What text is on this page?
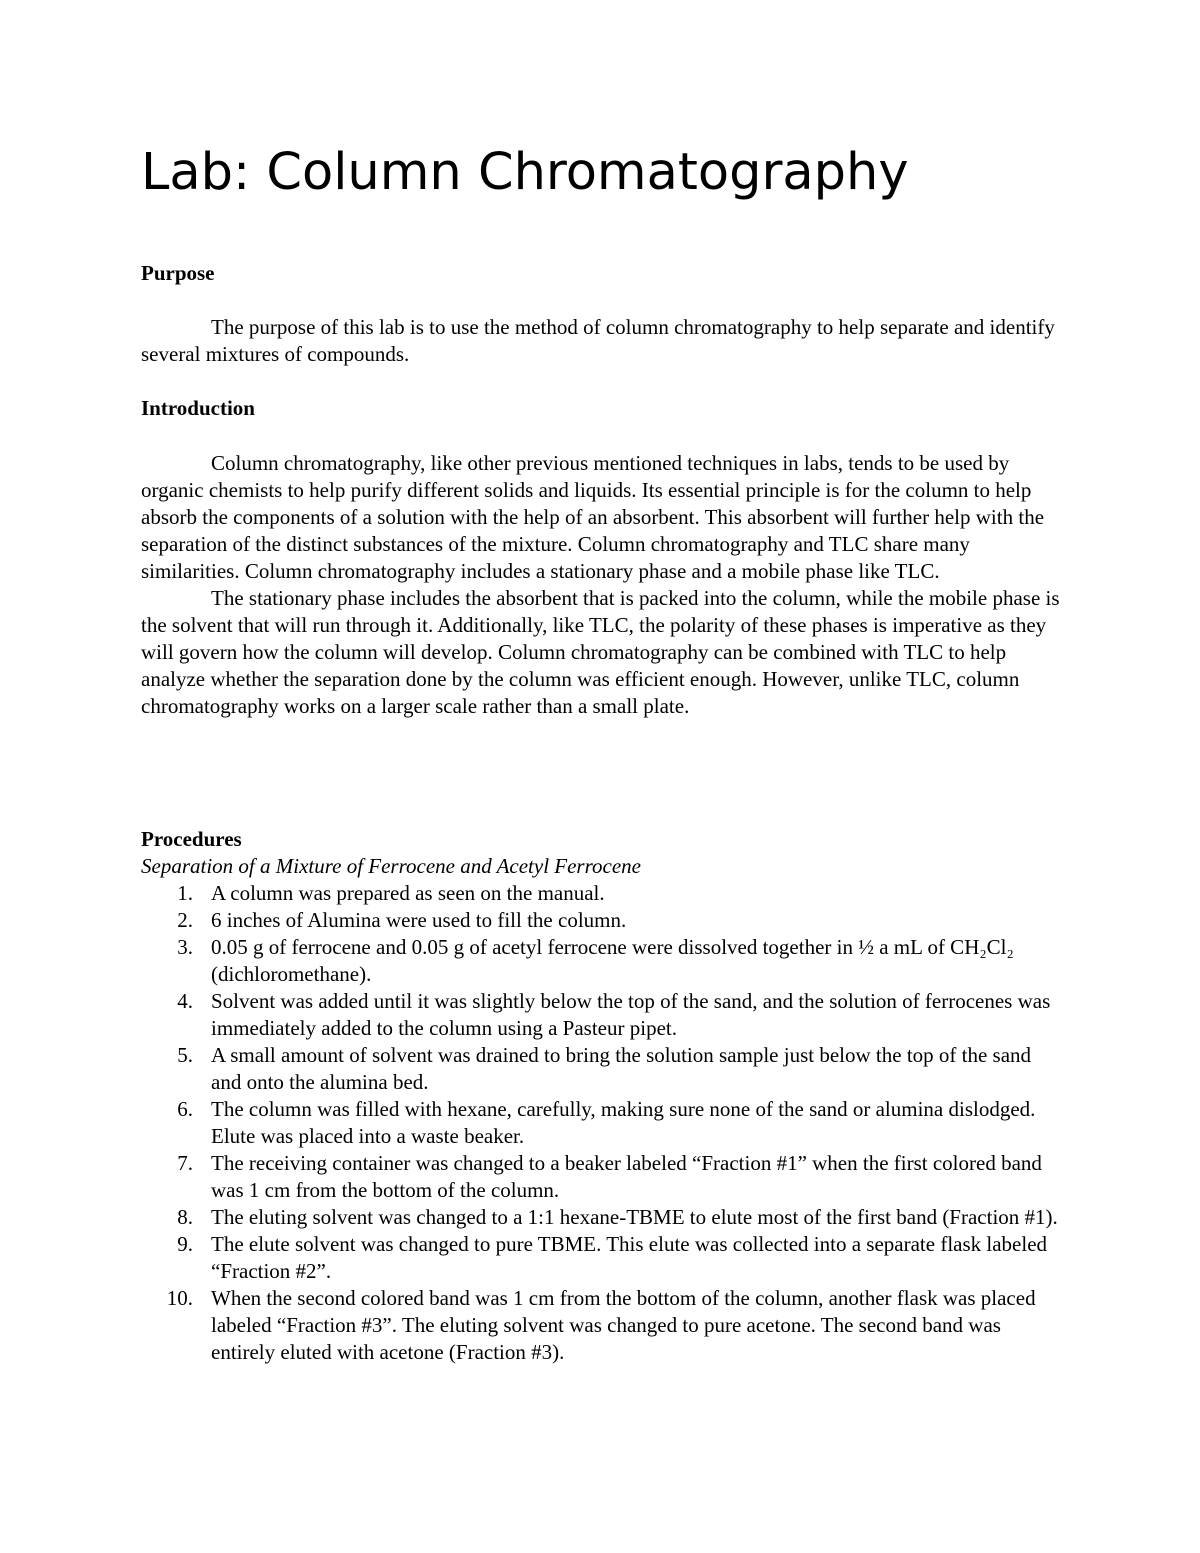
Lab: Column Chromatography
Purpose

The purpose of this lab is to use the method of column chromatography to help separate and identify several mixtures of compounds.

Introduction

Column chromatography, like other previous mentioned techniques in labs, tends to be used by organic chemists to help purify different solids and liquids. Its essential principle is for the column to help absorb the components of a solution with the help of an absorbent. This absorbent will further help with the separation of the distinct substances of the mixture. Column chromatography and TLC share many similarities. Column chromatography includes a stationary phase and a mobile phase like TLC.

The stationary phase includes the absorbent that is packed into the column, while the mobile phase is the solvent that will run through it. Additionally, like TLC, the polarity of these phases is imperative as they will govern how the column will develop. Column chromatography can be combined with TLC to help analyze whether the separation done by the column was efficient enough. However, unlike TLC, column chromatography works on a larger scale rather than a small plate.

Procedures

Separation of a Mixture of Ferrocene and Acetyl Ferrocene

1. A column was prepared as seen on the manual.
2. 6 inches of Alumina were used to fill the column.
3. 0.05 g of ferrocene and 0.05 g of acetyl ferrocene were dissolved together in ½ a mL of CH₂Cl₂ (dichloromethane).
4. Solvent was added until it was slightly below the top of the sand, and the solution of ferrocenes was immediately added to the column using a Pasteur pipet.
5. A small amount of solvent was drained to bring the solution sample just below the top of the sand and onto the alumina bed.
6. The column was filled with hexane, carefully, making sure none of the sand or alumina dislodged. Elute was placed into a waste beaker.
7. The receiving container was changed to a beaker labeled “Fraction #1” when the first colored band was 1 cm from the bottom of the column.
8. The eluting solvent was changed to a 1:1 hexane-TBME to elute most of the first band (Fraction #1).
9. The elute solvent was changed to pure TBME. This elute was collected into a separate flask labeled “Fraction #2”.
10. When the second colored band was 1 cm from the bottom of the column, another flask was placed labeled “Fraction #3”. The eluting solvent was changed to pure acetone. The second band was entirely eluted with acetone (Fraction #3).
